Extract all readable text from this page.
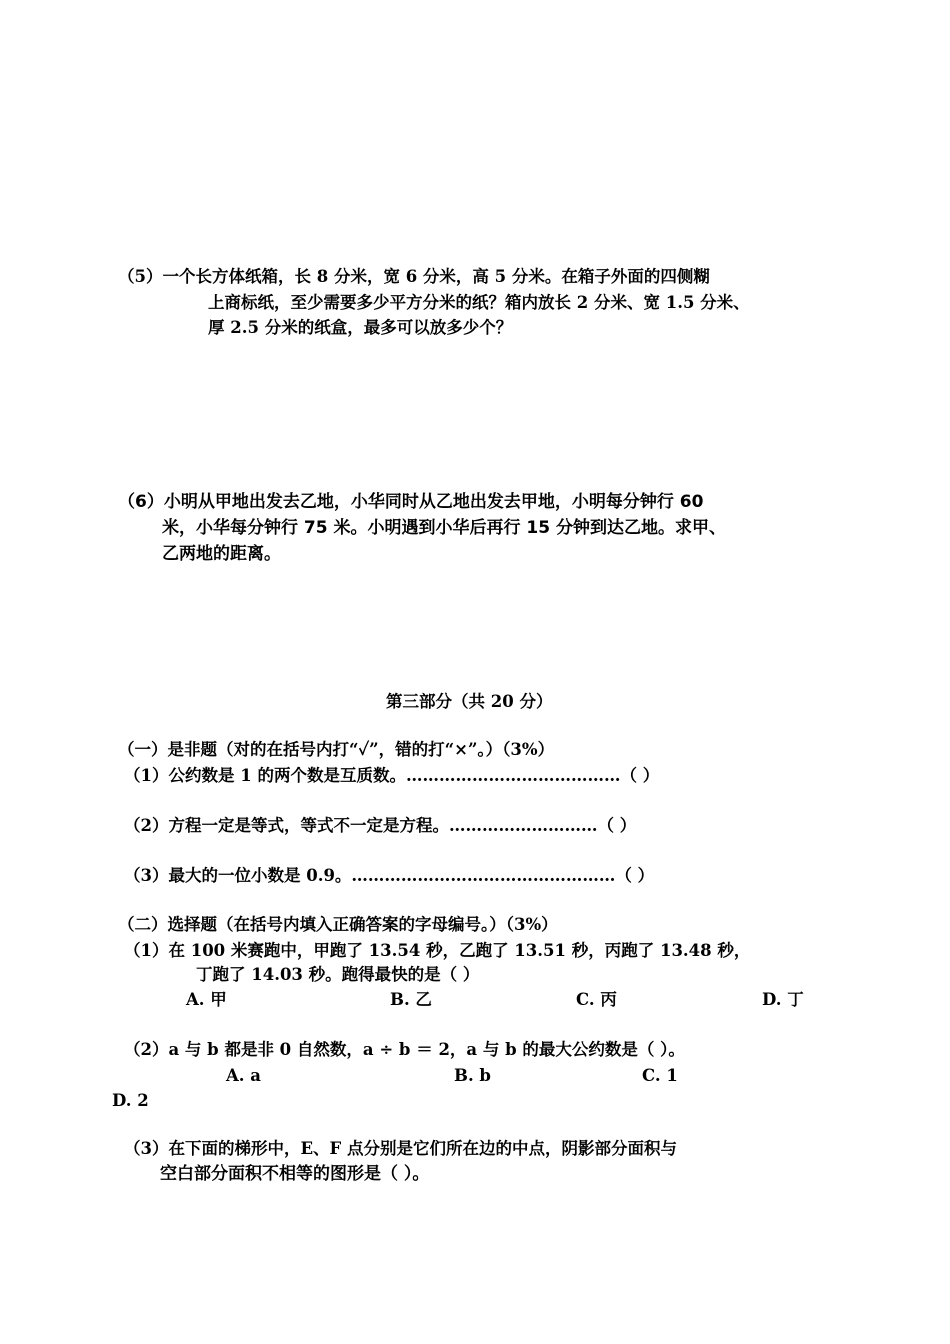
（5）一个长方体纸箱，长 8 分米，宽 6 分米，高 5 分米。在箱子外面的四侧糊
上商标纸，至少需要多少平方分米的纸？箱内放长 2 分米、宽 1.5 分米、
厚 2.5 分米的纸盒，最多可以放多少个？
（6）小明从甲地出发去乙地，小华同时从乙地出发去甲地，小明每分钟行 60
米，小华每分钟行 75 米。小明遇到小华后再行 15 分钟到达乙地。求甲、
乙两地的距离。
第三部分（共 20 分）
（一）是非题（对的在括号内打“✓”，错的打“×”。）（3%）
（1）公约数是 1 的两个数是互质数。…………………………………（ ）
（2）方程一定是等式，等式不一定是方程。………………………（ ）
（3）最大的一位小数是 0.9。…………………………………………（ ）
（二）选择题（在括号内填入正确答案的字母编号。）（3%）
（1）在 100 米赛跑中，甲跑了 13.54 秒，乙跑了 13.51 秒，丙跑了 13.48 秒，
丁跑了 14.03 秒。跑得最快的是（ ）
A. 甲	B. 乙	C. 丙	D. 丁
（2）a 与 b 都是非 0 自然数，a ÷ b ＝ 2，a 与 b 的最大公约数是（ ）。
A. a	B. b	C. 1
D. 2
（3）在下面的梯形中，E、F 点分别是它们所在边的中点，阴影部分面积与
空白部分面积不相等的图形是（ ）。
